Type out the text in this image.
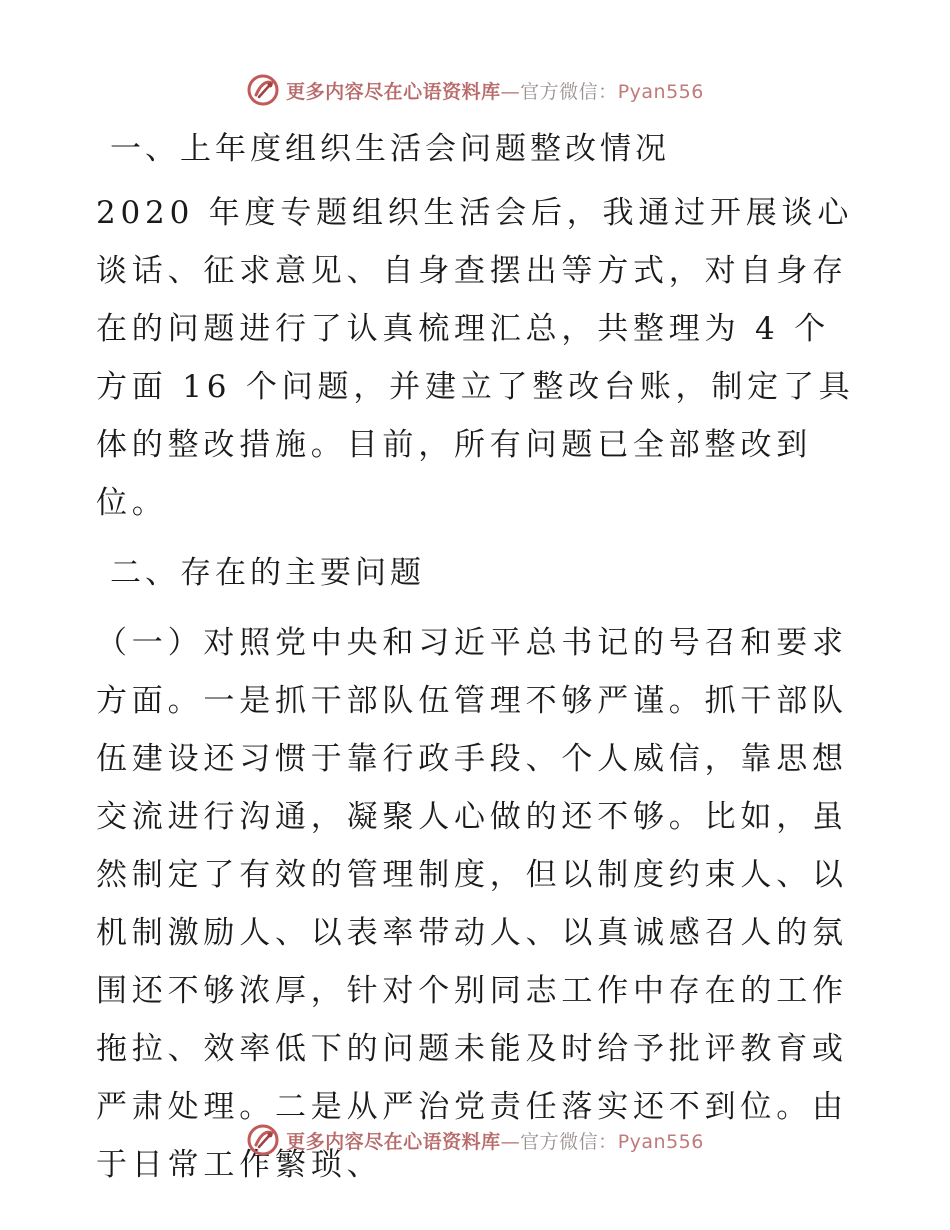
更多内容尽在心语资料库—官方微信：Pyan556

一、上年度组织生活会问题整改情况

2020 年度专题组织生活会后，我通过开展谈心谈话、征求意见、自身查摆出等方式，对自身存在的问题进行了认真梳理汇总，共整理为 4 个方面 16 个问题，并建立了整改台账，制定了具体的整改措施。目前，所有问题已全部整改到位。

二、存在的主要问题

（一）对照党中央和习近平总书记的号召和要求方面。一是抓干部队伍管理不够严谨。抓干部队伍建设还习惯于靠行政手段、个人威信，靠思想交流进行沟通，凝聚人心做的还不够。比如，虽然制定了有效的管理制度，但以制度约束人、以机制激励人、以表率带动人、以真诚感召人的氛围还不够浓厚，针对个别同志工作中存在的工作拖拉、效率低下的问题未能及时给予批评教育或严肃处理。二是从严治党责任落实还不到位。由于日常工作繁琐、

更多内容尽在心语资料库—官方微信：Pyan556
